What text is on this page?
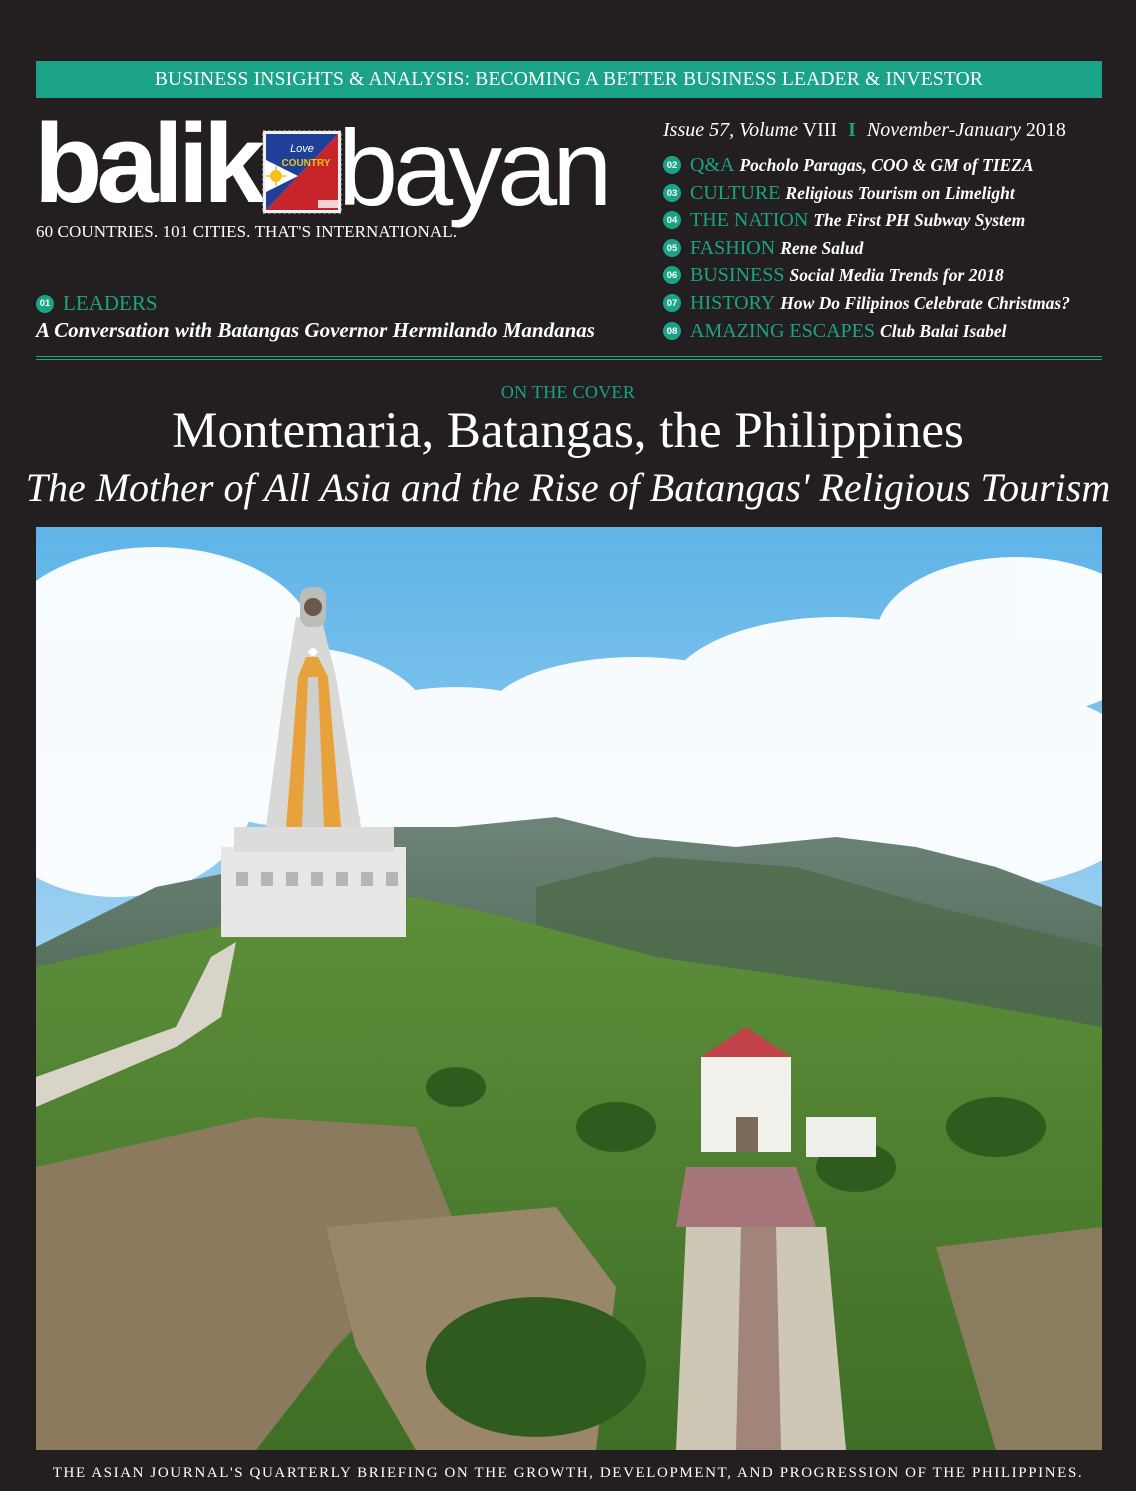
BUSINESS INSIGHTS & ANALYSIS: BECOMING A BETTER BUSINESS LEADER & INVESTOR
balik	Love
COUNTRY bayan
60 COUNTRIES. 101 CITIES. THAT'S INTERNATIONAL.
Issue 57, Volume VIII I November-January 2018
02 Q&A Pocholo Paragas, COO & GM of TIEZA
03 CULTURE Religious Tourism on Limelight
04 THE NATION The First PH Subway System
05 FASHION Rene Salud
06 BUSINESS Social Media Trends for 2018
07 HISTORY How Do Filipinos Celebrate Christmas?
08 AMAZING ESCAPES Club Balai Isabel
01 LEADERS
A Conversation with Batangas Governor Hermilando Mandanas
ON THE COVER
Montemaria, Batangas, the Philippines
The Mother of All Asia and the Rise of Batangas' Religious Tourism
THE ASIAN JOURNAL'S QUARTERLY BRIEFING ON THE GROWTH, DEVELOPMENT, AND PROGRESSION OF THE PHILIPPINES.
